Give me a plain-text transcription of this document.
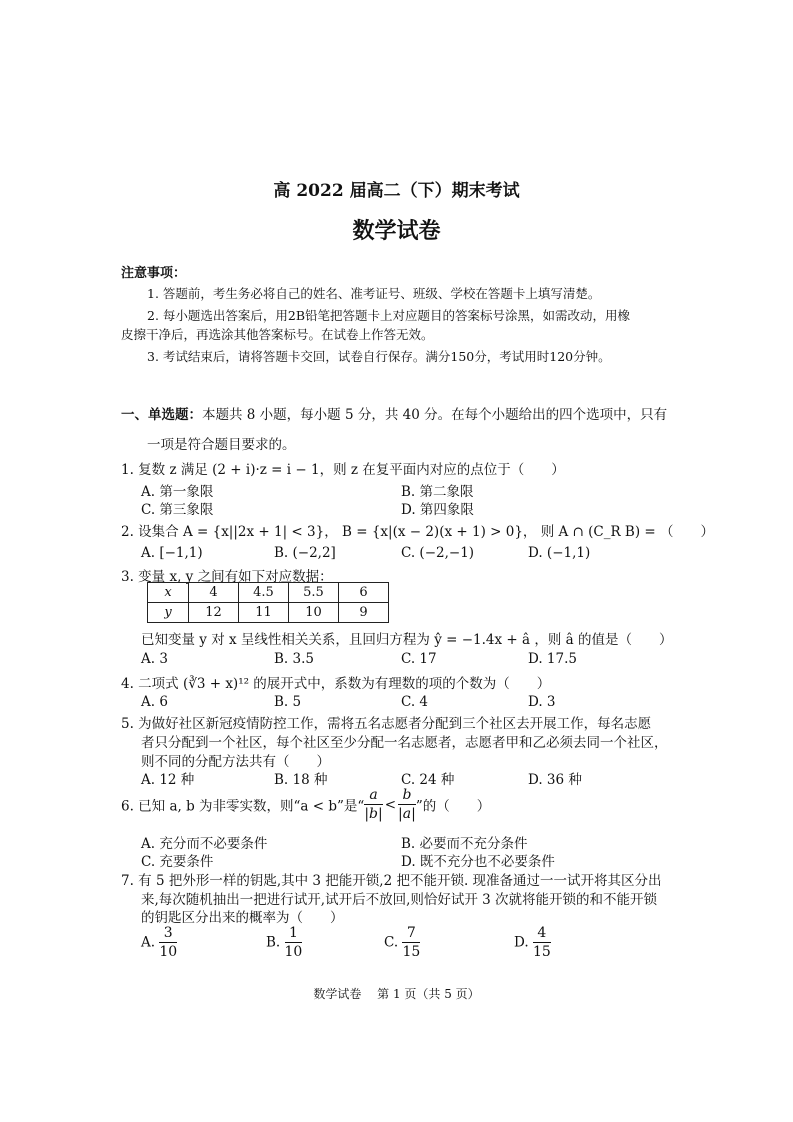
高 2022 届高二（下）期末考试
数学试卷
注意事项：
1. 答题前，考生务必将自己的姓名、准考证号、班级、学校在答题卡上填写清楚。
2. 每小题选出答案后，用2B铅笔把答题卡上对应题目的答案标号涂黑，如需改动，用橡
皮擦干净后，再选涂其他答案标号。在试卷上作答无效。
3. 考试结束后，请将答题卡交回，试卷自行保存。满分150分，考试用时120分钟。
一、单选题：本题共 8 小题，每小题 5 分，共 40 分。在每个小题给出的四个选项中，只有
一项是符合题目要求的。
1. 复数 z 满足 (2 + i)·z = i − 1，则 z 在复平面内对应的点位于（　　）
A. 第一象限	B. 第二象限
C. 第三象限	D. 第四象限
2. 设集合 A = {x||2x + 1| < 3}， B = {x|(x − 2)(x + 1) > 0}， 则 A ∩ (C_R B) = （　　）
A. [−1,1)	B. (−2,2]	C. (−2,−1)	D. (−1,1)
3. 变量 x, y 之间有如下对应数据：
x	4	4.5	5.5	6
y	12	11	10	9
已知变量 y 对 x 呈线性相关关系，且回归方程为 ŷ = −1.4x + â ，则 â 的值是（　　）
A. 3	B. 3.5	C. 17	D. 17.5
4. 二项式 (∛3 + x)¹² 的展开式中，系数为有理数的项的个数为（　　）
A. 6	B. 5	C. 4	D. 3
5. 为做好社区新冠疫情防控工作，需将五名志愿者分配到三个社区去开展工作，每名志愿
者只分配到一个社区，每个社区至少分配一名志愿者，志愿者甲和乙必须去同一个社区，
则不同的分配方法共有（　　）
A. 12 种	B. 18 种	C. 24 种	D. 36 种
6. 已知 a, b 为非零实数，则“a < b”是“ $\frac{a}{|b|} < \frac{b}{|a|}$ ”的（　　）
A. 充分而不必要条件	B. 必要而不充分条件
C. 充要条件	D. 既不充分也不必要条件
7. 有 5 把外形一样的钥匙,其中 3 把能开锁,2 把不能开锁. 现准备通过一一试开将其区分出
来,每次随机抽出一把进行试开,试开后不放回,则恰好试开 3 次就将能开锁的和不能开锁
的钥匙区分出来的概率为（　　）
A. $\frac{3}{10}$	B. $\frac{1}{10}$	C. $\frac{7}{15}$	D. $\frac{4}{15}$
数学试卷　 第 1 页（共 5 页）
